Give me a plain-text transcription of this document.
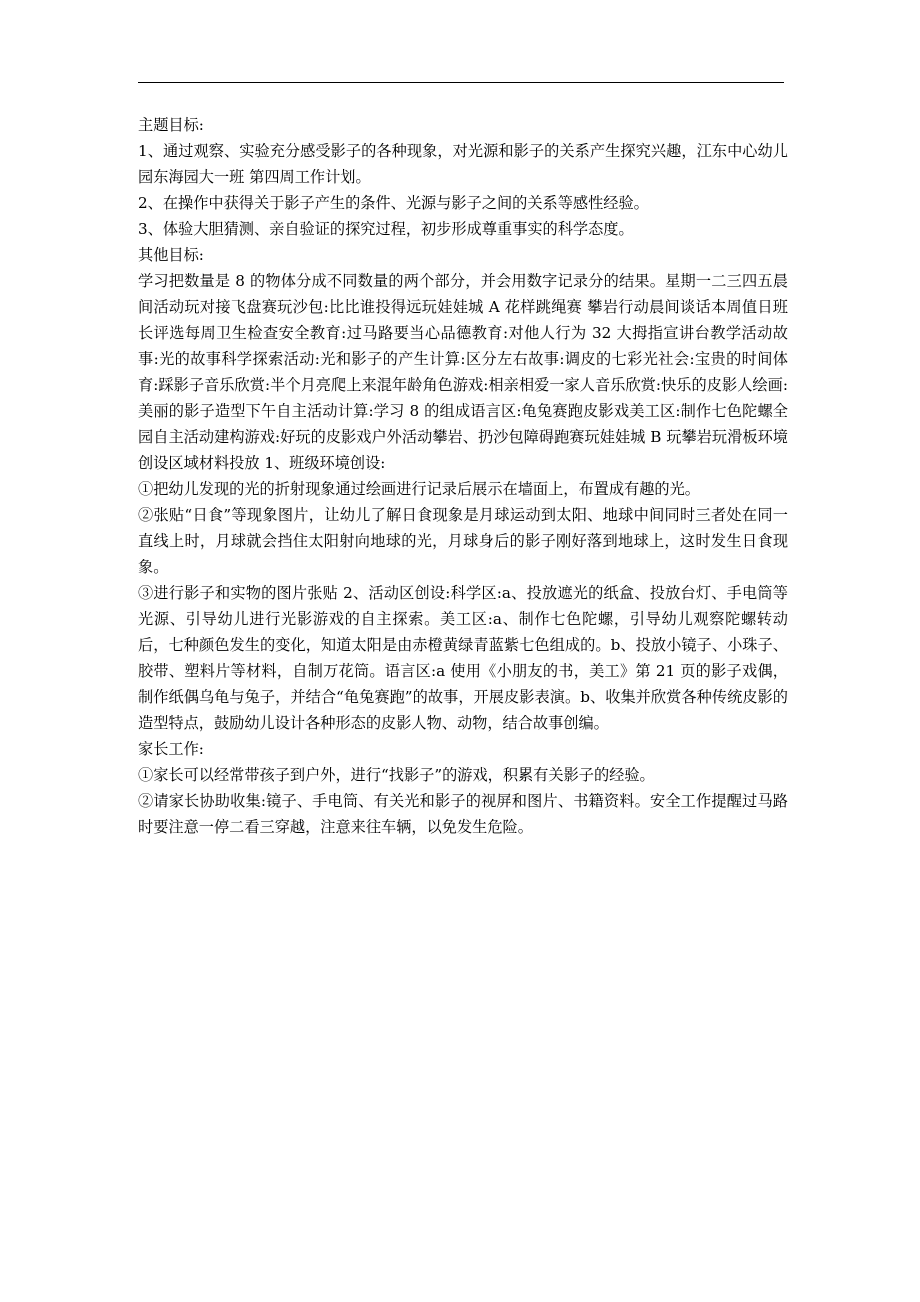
主题目标:

1、通过观察、实验充分感受影子的各种现象，对光源和影子的关系产生探究兴趣，江东中心幼儿园东海园大一班 第四周工作计划。

2、在操作中获得关于影子产生的条件、光源与影子之间的关系等感性经验。

3、体验大胆猜测、亲自验证的探究过程，初步形成尊重事实的科学态度。

其他目标:

学习把数量是 8 的物体分成不同数量的两个部分，并会用数字记录分的结果。星期一二三四五晨间活动玩对接飞盘赛玩沙包:比比谁投得远玩娃娃城 A 花样跳绳赛 攀岩行动晨间谈话本周值日班长评选每周卫生检查安全教育:过马路要当心品德教育:对他人行为 32 大拇指宣讲台教学活动故事:光的故事科学探索活动:光和影子的产生计算:区分左右故事:调皮的七彩光社会:宝贵的时间体育:踩影子音乐欣赏:半个月亮爬上来混年龄角色游戏:相亲相爱一家人音乐欣赏:快乐的皮影人绘画:美丽的影子造型下午自主活动计算:学习 8 的组成语言区:龟兔赛跑皮影戏美工区:制作七色陀螺全园自主活动建构游戏:好玩的皮影戏户外活动攀岩、扔沙包障碍跑赛玩娃娃城 B 玩攀岩玩滑板环境创设区域材料投放 1、班级环境创设:

①把幼儿发现的光的折射现象通过绘画进行记录后展示在墙面上，布置成有趣的光。

②张贴“日食”等现象图片，让幼儿了解日食现象是月球运动到太阳、地球中间同时三者处在同一直线上时，月球就会挡住太阳射向地球的光，月球身后的影子刚好落到地球上，这时发生日食现象。

③进行影子和实物的图片张贴 2、活动区创设:科学区:a、投放遮光的纸盒、投放台灯、手电筒等光源、引导幼儿进行光影游戏的自主探索。美工区:a、制作七色陀螺，引导幼儿观察陀螺转动后，七种颜色发生的变化，知道太阳是由赤橙黄绿青蓝紫七色组成的。b、投放小镜子、小珠子、胶带、塑料片等材料，自制万花筒。语言区:a 使用《小朋友的书，美工》第 21 页的影子戏偶，制作纸偶乌龟与兔子，并结合“龟兔赛跑”的故事，开展皮影表演。b、收集并欣赏各种传统皮影的造型特点，鼓励幼儿设计各种形态的皮影人物、动物，结合故事创编。

家长工作:

①家长可以经常带孩子到户外，进行“找影子”的游戏，积累有关影子的经验。

②请家长协助收集:镜子、手电筒、有关光和影子的视屏和图片、书籍资料。安全工作提醒过马路时要注意一停二看三穿越，注意来往车辆，以免发生危险。
